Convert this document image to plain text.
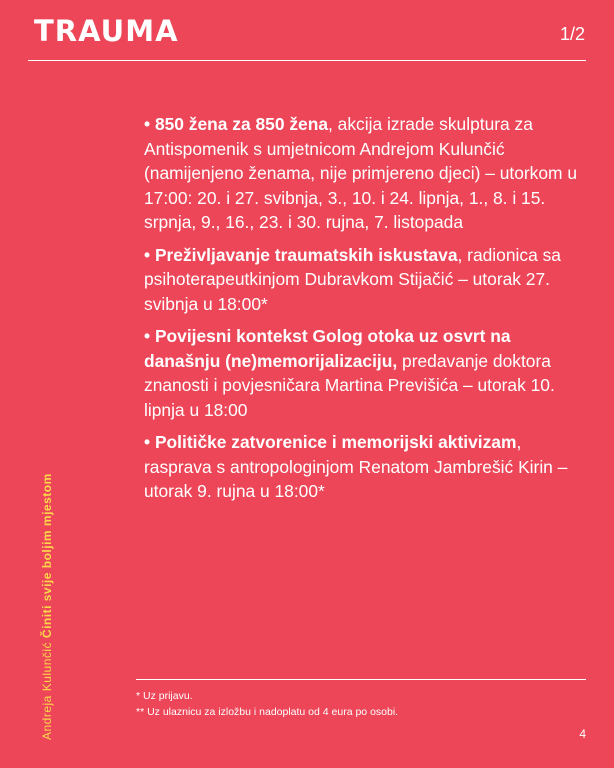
TRAUMA	1/2
• 850 žena za 850 žena, akcija izrade skulptura za Antispomenik s umjetnicom Andrejom Kulunčić (namijenjeno ženama, nije primjereno djeci) – utorkom u 17:00: 20. i 27. svibnja, 3., 10. i 24. lipnja, 1., 8. i 15. srpnja, 9., 16., 23. i 30. rujna, 7. listopada
• Preživljavanje traumatskih iskustava, radionica sa psihoterapeutkinjom Dubravkom Stijačić – utorak 27. svibnja u 18:00*
• Povijesni kontekst Golog otoka uz osvrt na današnju (ne)memorijalizaciju, predavanje doktora znanosti i povjesničara Martina Previšića – utorak 10. lipnja u 18:00
• Političke zatvorenice i memorijski aktivizam, rasprava s antropologinjom Renatom Jambrešić Kirin – utorak 9. rujna u 18:00*
* Uz prijavu.
** Uz ulaznicu za izložbu i nadoplatu od 4 eura po osobi.
4
Andreja Kulunčić Činiti svije boljim mjestom
